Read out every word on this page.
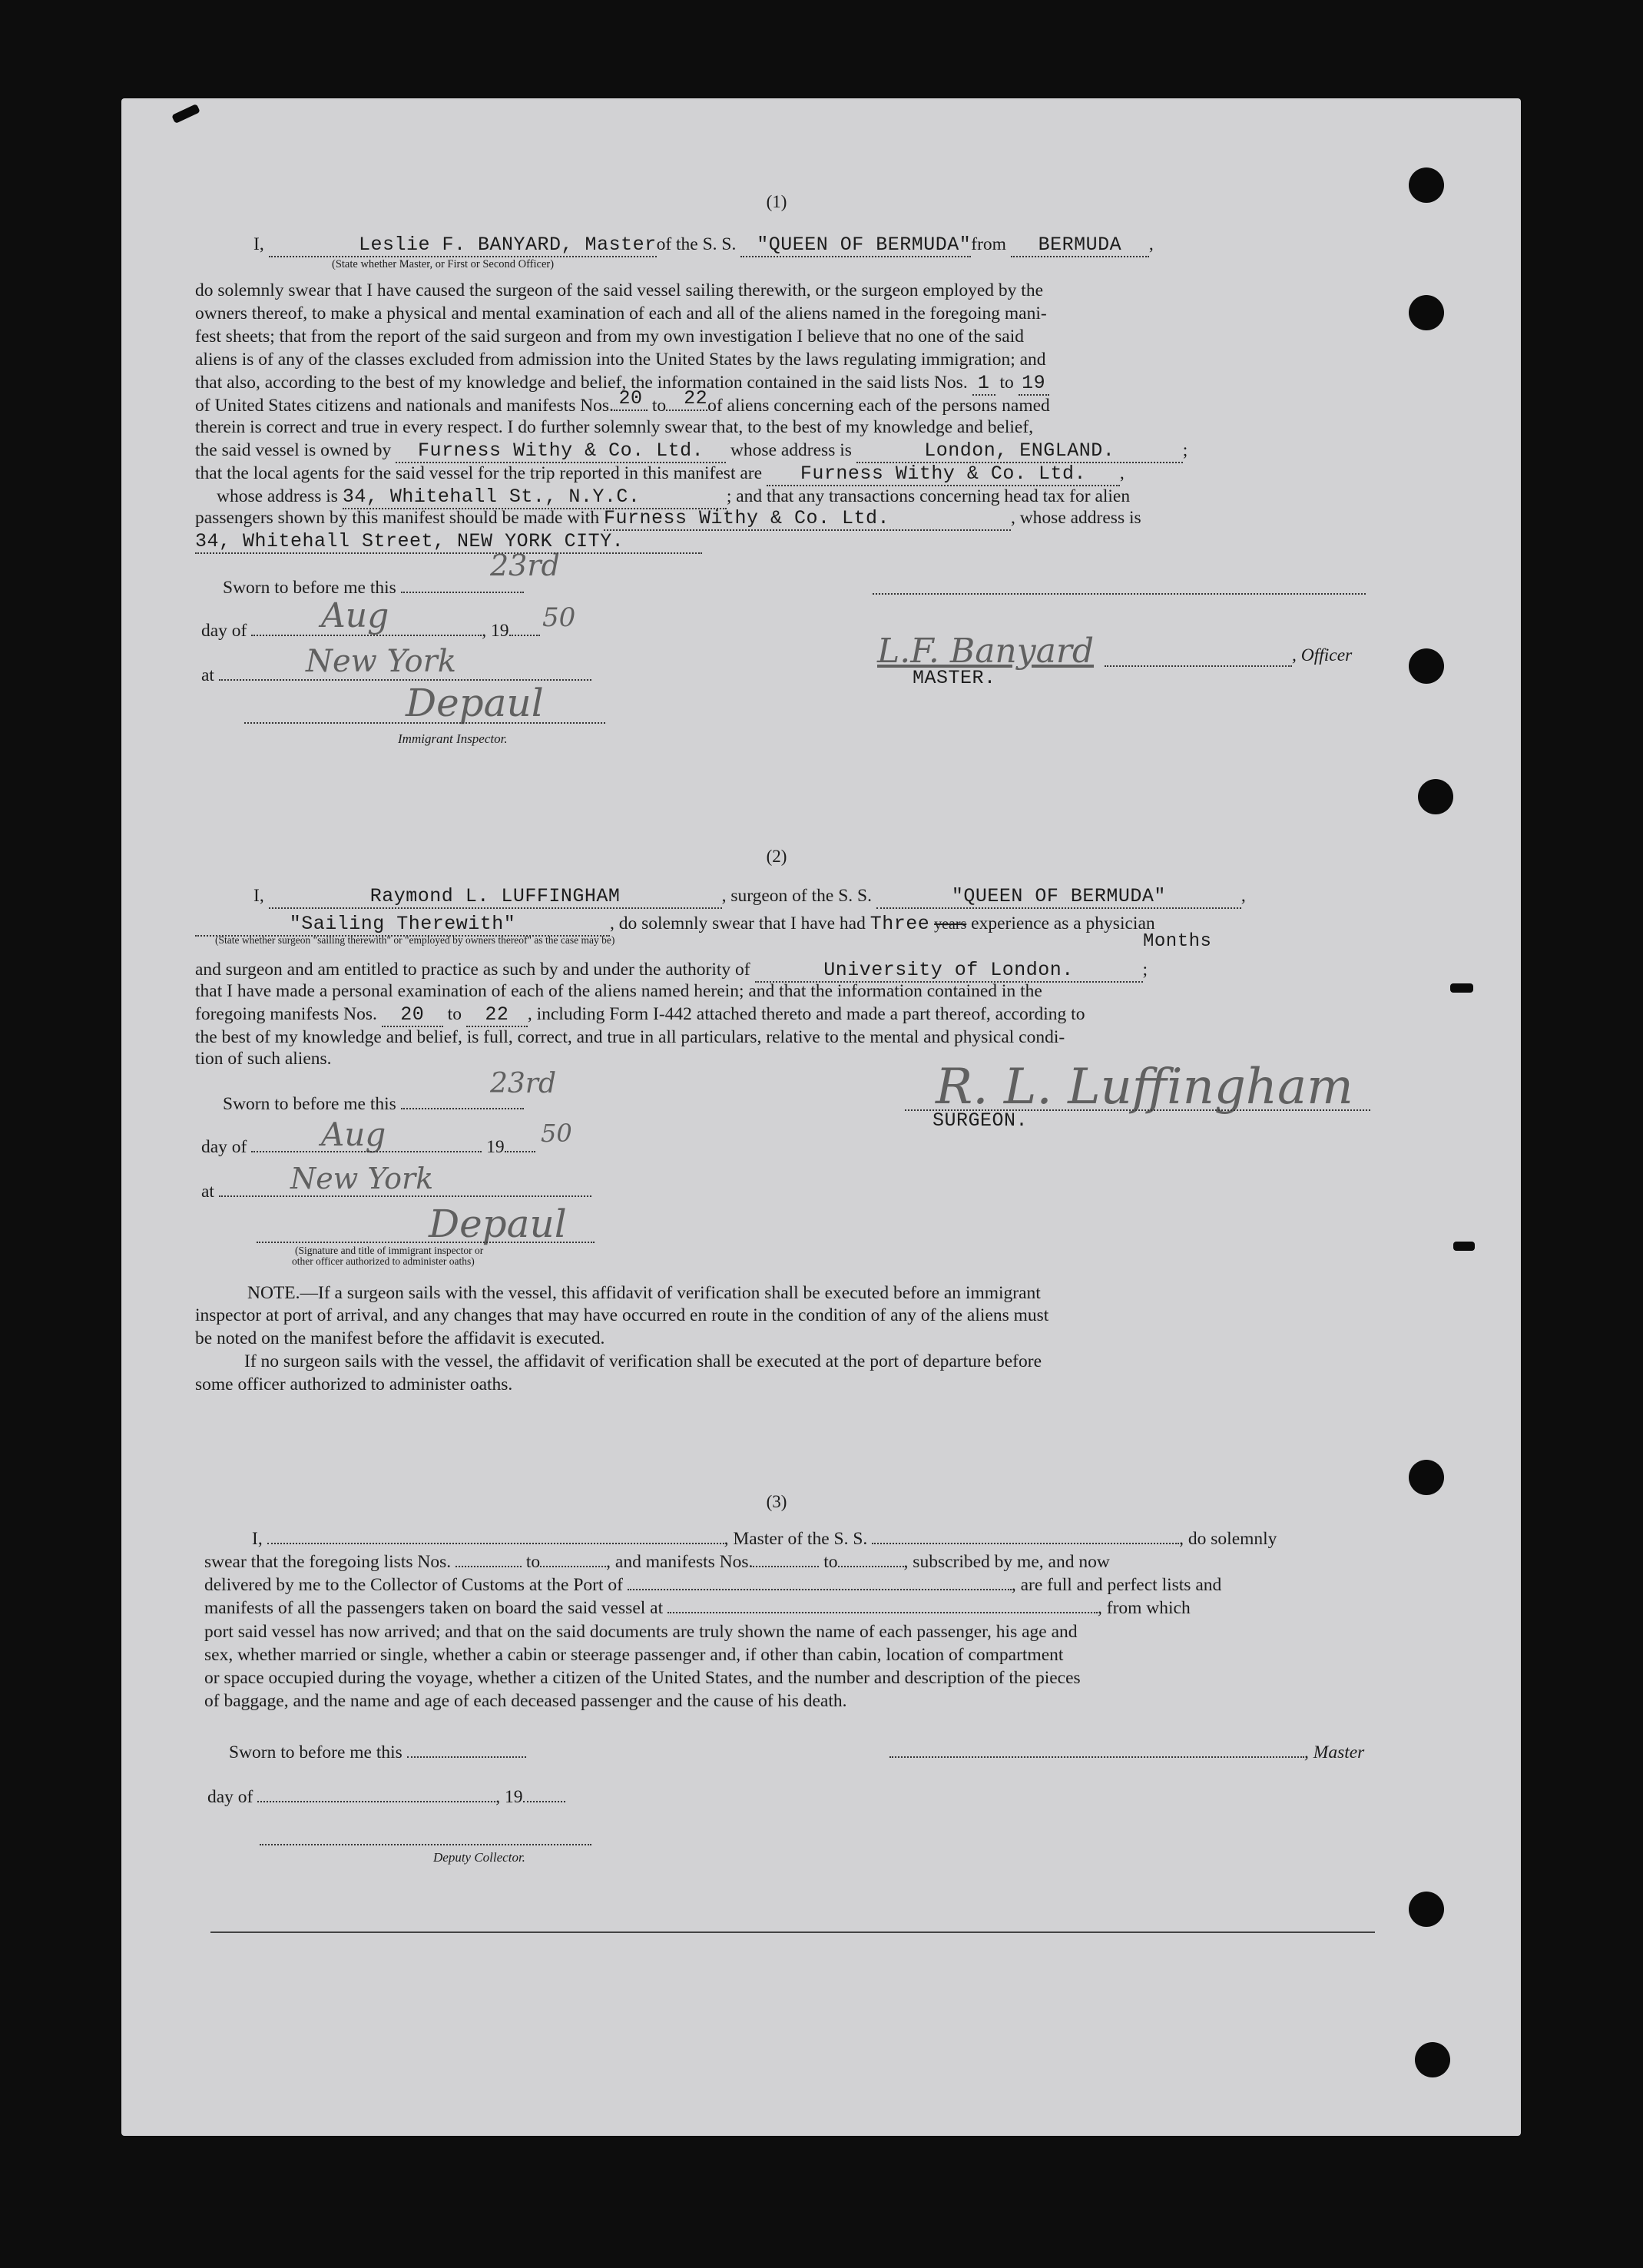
(1)
I,	Leslie F. BANYARD, Masterof the S. S. "QUEEN OF BERMUDA"from BERMUDA ,
(State whether Master, or First or Second Officer)
do solemnly swear that I have caused the surgeon of the said vessel sailing therewith, or the surgeon employed by the
owners thereof, to make a physical and mental examination of each and all of the aliens named in the foregoing mani-
fest sheets; that from the report of the said surgeon and from my own investigation I believe that no one of the said
aliens is of any of the classes excluded from admission into the United States by the laws regulating immigration; and
that also, according to the best of my knowledge and belief, the information contained in the said lists Nos. 1 to 19
of United States citizens and nationals and manifests Nos. 20 to 22of aliens concerning each of the persons named
therein is correct and true in every respect. I do further solemnly swear that, to the best of my knowledge and belief,
the said vessel is owned by Furness Withy & Co. Ltd. whose address is	London, ENGLAND.	;
that the local agents for the said vessel for the trip reported in this manifest are Furness Withy & Co. Ltd. ,
whose address is 34, Whitehall St., N.Y.C.	; and that any transactions concerning head tax for alien
passengers shown by this manifest should be made with Furness Withy & Co. Ltd.	, whose address is
34, Whitehall Street, NEW YORK CITY.
Sworn to before me this
23rd
day of	, 19
Aug	50
at	New York
Depaul
Immigrant Inspector.
L.F. Banyard	, Officer
MASTER.
(2)
I,	Raymond L. LUFFINGHAM	, surgeon of the S. S.	"QUEEN OF BERMUDA"	,
"Sailing Therewith"	, do solemnly swear that I have had Three years experience as a physician
Months
(State whether surgeon "sailing therewith" or "employed by owners thereof" as the case may be)
and surgeon and am entitled to practice as such by and under the authority of	University of London.	;
that I have made a personal examination of each of the aliens named herein; and that the information contained in the
foregoing manifests Nos. 20 to 22 , including Form I-442 attached thereto and made a part thereof, according to
the best of my knowledge and belief, is full, correct, and true in all particulars, relative to the mental and physical condi-
tion of such aliens.
Sworn to before me this
23rd
day of	19
Aug	50
at	New York
Depaul
(Signature and title of immigrant inspector or
other officer authorized to administer oaths)
R. L. Luffingham
SURGEON.
NOTE.—If a surgeon sails with the vessel, this affidavit of verification shall be executed before an immigrant
inspector at port of arrival, and any changes that may have occurred en route in the condition of any of the aliens must
be noted on the manifest before the affidavit is executed.
If no surgeon sails with the vessel, the affidavit of verification shall be executed at the port of departure before
some officer authorized to administer oaths.
(3)
I,	, Master of the S. S.	, do solemnly
swear that the foregoing lists Nos.	to	, and manifests Nos.	to	, subscribed by me, and now
delivered by me to the Collector of Customs at the Port of	, are full and perfect lists and
manifests of all the passengers taken on board the said vessel at	, from which
port said vessel has now arrived; and that on the said documents are truly shown the name of each passenger, his age and
sex, whether married or single, whether a cabin or steerage passenger and, if other than cabin, location of compartment
or space occupied during the voyage, whether a citizen of the United States, and the number and description of the pieces
of baggage, and the name and age of each deceased passenger and the cause of his death.
Sworn to before me this	, Master
day of	, 19
Deputy Collector.
